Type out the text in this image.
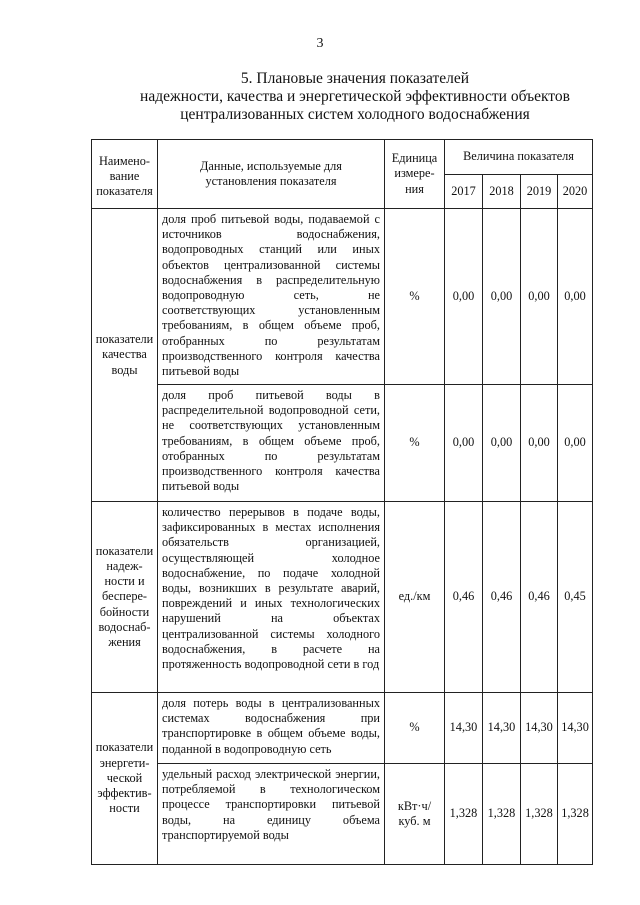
3
5. Плановые значения показателей
надежности, качества и энергетической эффективности объектов
централизованных систем холодного водоснабжения
Наимено-вание показателя	Данные, используемые для установления показателя	Единица измере-ния	Величина показателя			
			2017	2018	2019	2020
показатели качества воды	доля проб питьевой воды, подаваемой с источников водоснабжения, водопроводных станций или иных объектов централизованной системы водоснабжения в распределительную водопроводную сеть, не соответствующих установленным требованиям, в общем объеме проб, отобранных по результатам производственного контроля качества питьевой воды	%	0,00	0,00	0,00	0,00
	доля проб питьевой воды в распределительной водопроводной сети, не соответствующих установленным требованиям, в общем объеме проб, отобранных по результатам производственного контроля качества питьевой воды	%	0,00	0,00	0,00	0,00
показатели надеж-ности и беспере-бойности водоснаб-жения	количество перерывов в подаче воды, зафиксированных в местах исполнения обязательств организацией, осуществляющей холодное водоснабжение, по подаче холодной воды, возникших в результате аварий, повреждений и иных технологических нарушений на объектах централизованной системы холодного водоснабжения, в расчете на протяженность водопроводной сети в год	ед./км	0,46	0,46	0,46	0,45
показатели энергети-ческой эффектив-ности	доля потерь воды в централизованных системах водоснабжения при транспортировке в общем объеме воды, поданной в водопроводную сеть	%	14,30	14,30	14,30	14,30
	удельный расход электрической энергии, потребляемой в технологическом процессе транспортировки питьевой воды, на единицу объема транспортируемой воды	кВт·ч/ куб. м	1,328	1,328	1,328	1,328
